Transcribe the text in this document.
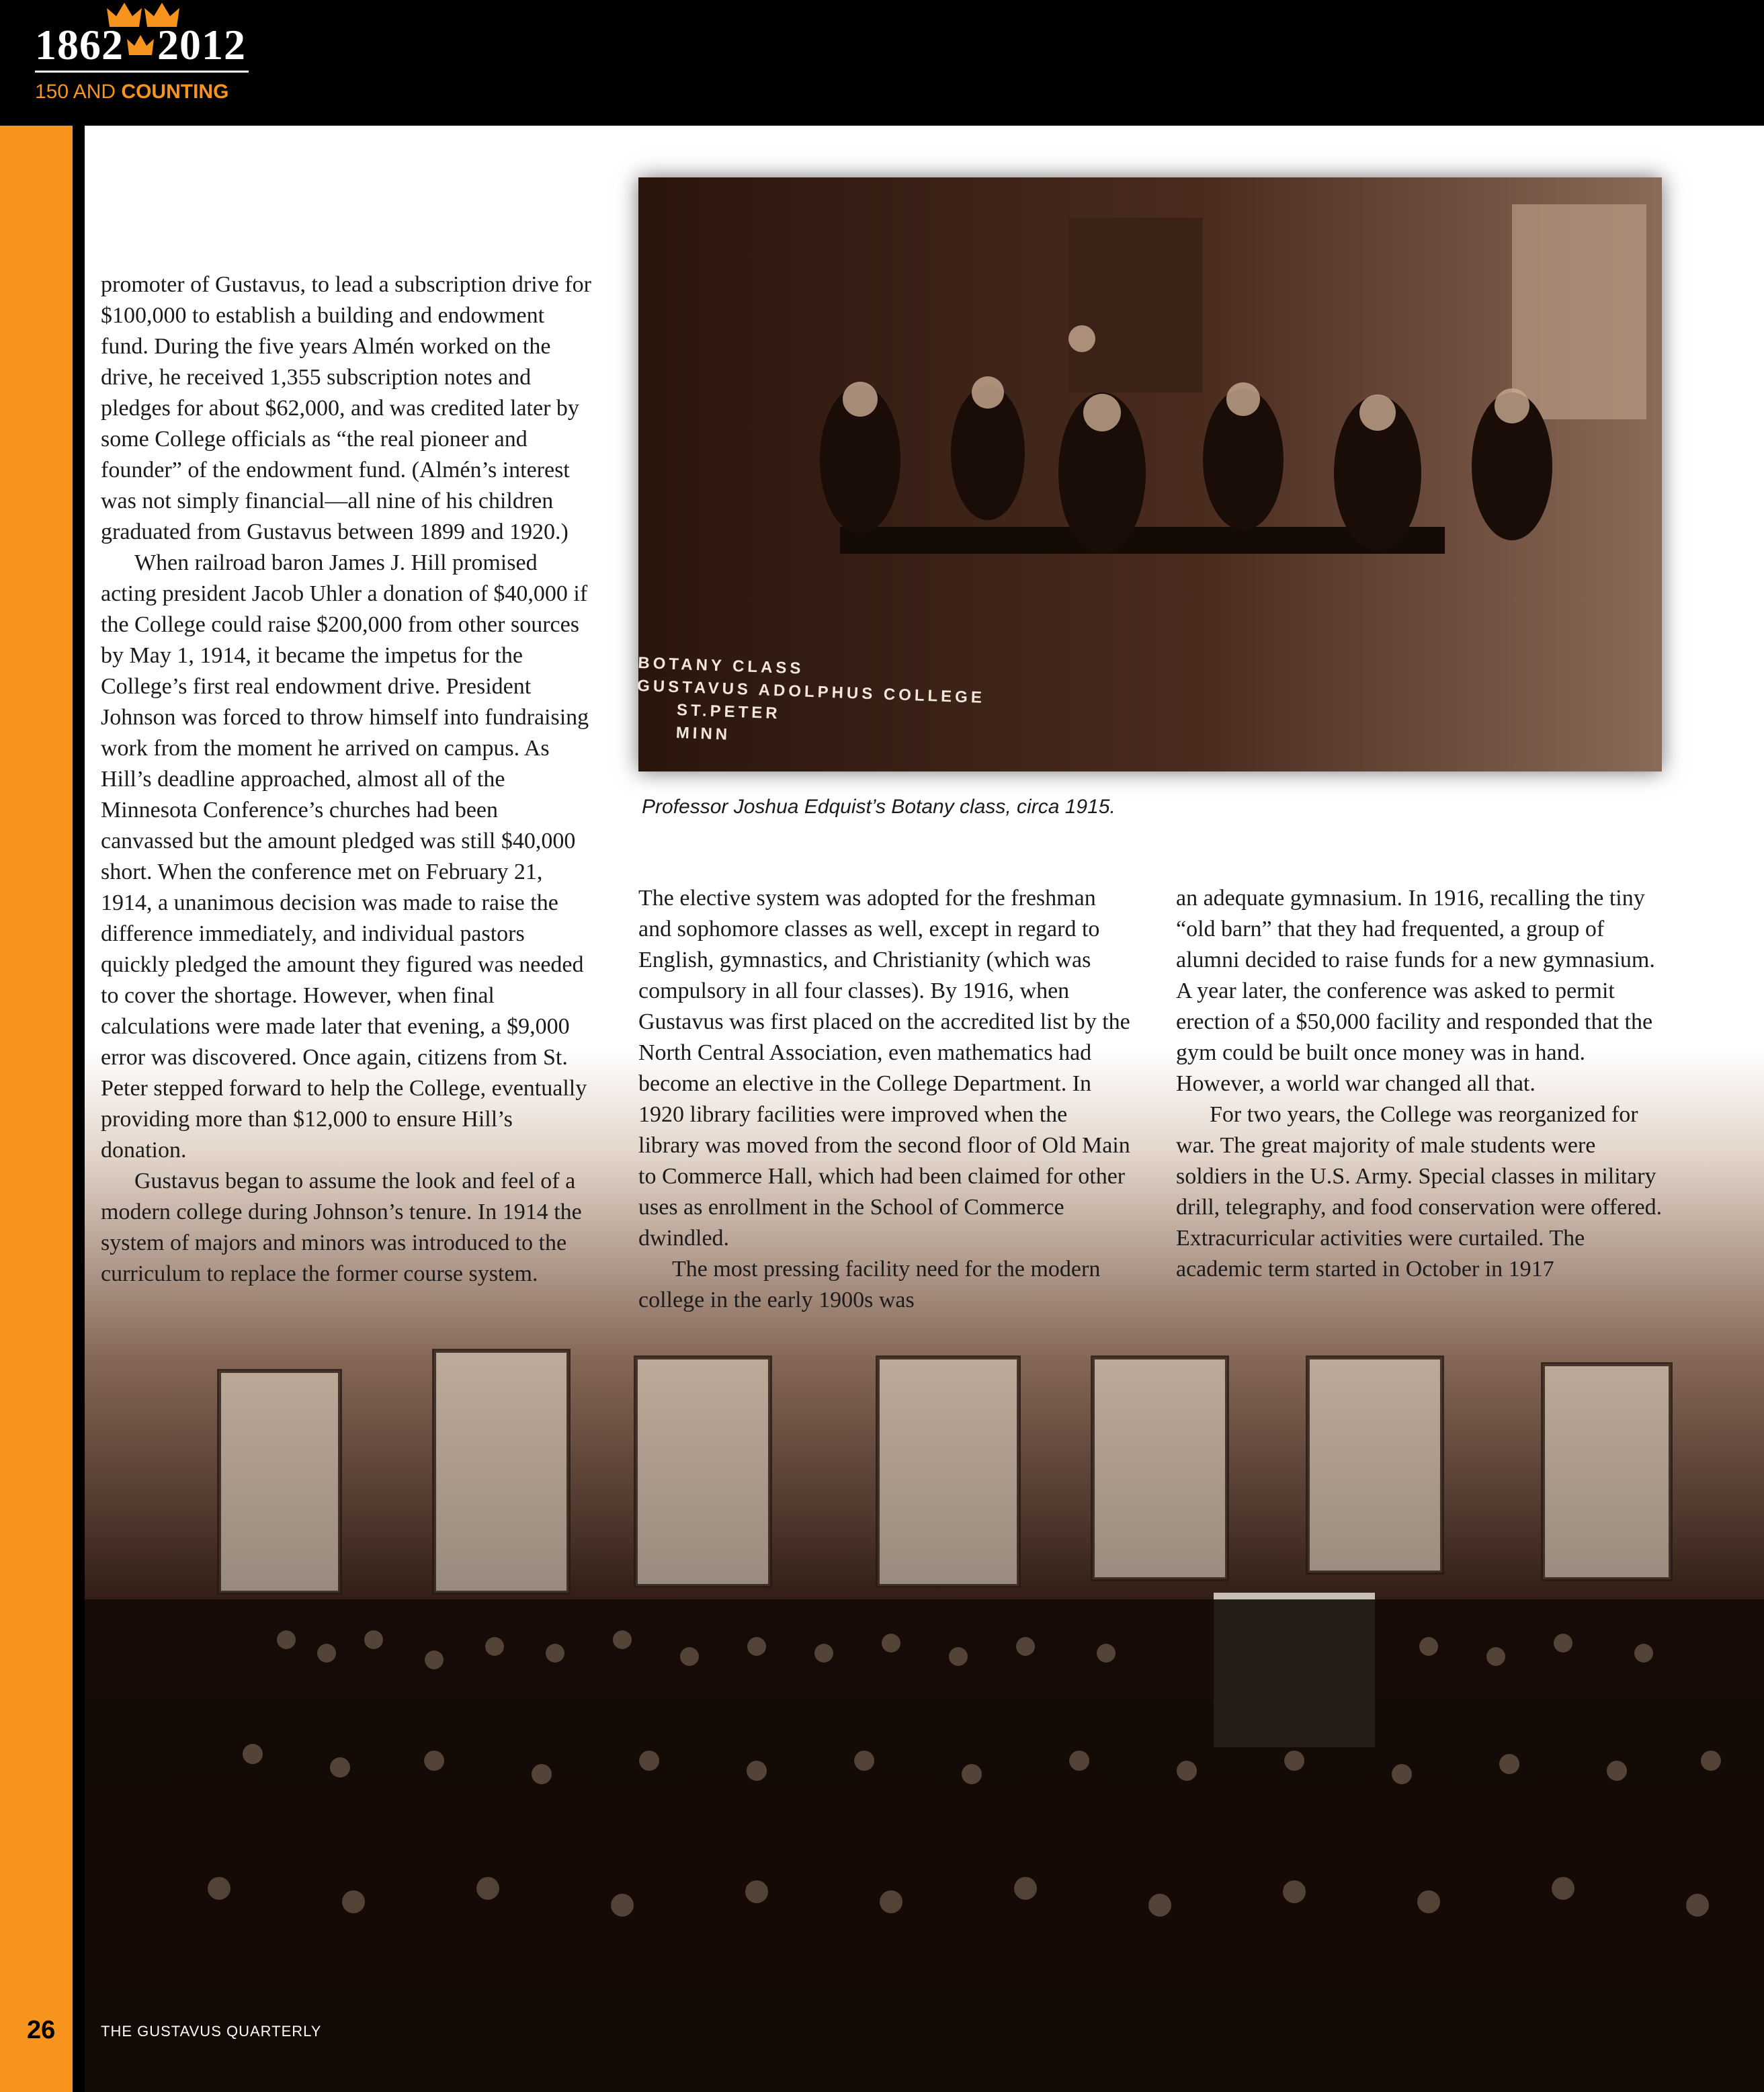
1862 2012
150 AND COUNTING
BOTANY CLASS
GUSTAVUS ADOLPHUS COLLEGE
ST.PETER
MINN
Professor Joshua Edquist’s Botany class, circa 1915.

promoter of Gustavus, to lead a subscription drive for $100,000 to establish a building and endowment fund. During the five years Almén worked on the drive, he received 1,355 subscription notes and pledges for about $62,000, and was credited later by some College officials as “the real pioneer and founder” of the endowment fund. (Almén’s interest was not simply financial—all nine of his children graduated from Gustavus between 1899 and 1920.)

When railroad baron James J. Hill promised acting president Jacob Uhler a donation of $40,000 if the College could raise $200,000 from other sources by May 1, 1914, it became the impetus for the College’s first real endowment drive. President Johnson was forced to throw himself into fundraising work from the moment he arrived on campus. As Hill’s deadline approached, almost all of the Minnesota Conference’s churches had been canvassed but the amount pledged was still $40,000 short. When the conference met on February 21, 1914, a unanimous decision was made to raise the difference immediately, and individual pastors quickly pledged the amount they figured was needed to cover the shortage. However, when final calculations were made later that evening, a $9,000 error was discovered. Once again, citizens from St. Peter stepped forward to help the College, eventually providing more than $12,000 to ensure Hill’s donation.

Gustavus began to assume the look and feel of a modern college during Johnson’s tenure. In 1914 the system of majors and minors was introduced to the curriculum to replace the former course system.

The elective system was adopted for the freshman and sophomore classes as well, except in regard to English, gymnastics, and Christianity (which was compulsory in all four classes). By 1916, when Gustavus was first placed on the accredited list by the North Central Association, even mathematics had become an elective in the College Department. In 1920 library facilities were improved when the library was moved from the second floor of Old Main to Commerce Hall, which had been claimed for other uses as enrollment in the School of Commerce dwindled.

The most pressing facility need for the modern college in the early 1900s was

an adequate gymnasium. In 1916, recalling the tiny “old barn” that they had frequented, a group of alumni decided to raise funds for a new gymnasium. A year later, the conference was asked to permit erection of a $50,000 facility and responded that the gym could be built once money was in hand. However, a world war changed all that.

For two years, the College was reorganized for war. The great majority of male students were soldiers in the U.S. Army. Special classes in military drill, telegraphy, and food conservation were offered. Extracurricular activities were curtailed. The academic term started in October in 1917

26	THE GUSTAVUS QUARTERLY
